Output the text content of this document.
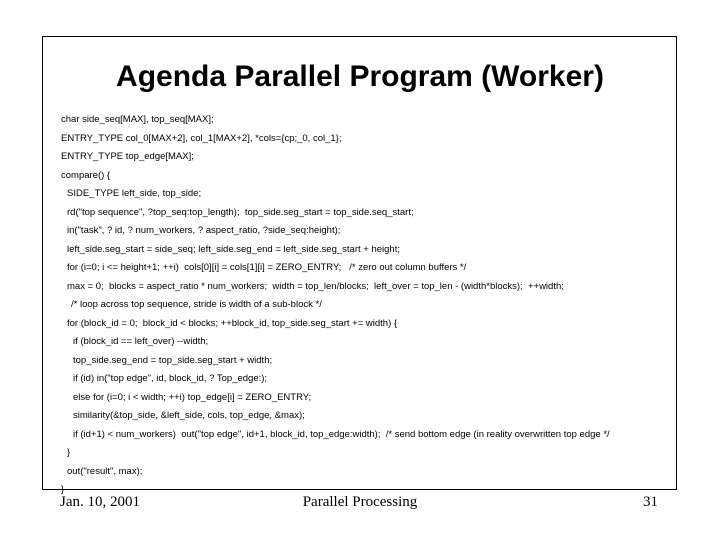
Agenda Parallel Program (Worker)
char side_seq[MAX], top_seq[MAX];
ENTRY_TYPE col_0[MAX+2], col_1[MAX+2], *cols={cp;_0, col_1};
ENTRY_TYPE top_edge[MAX];
compare() {
SIDE_TYPE left_side, top_side;
rd("top sequence", ?top_seq:top_length);  top_side.seg_start = top_side.seq_start;
in("task", ? id, ? num_workers, ? aspect_ratio, ?side_seq:height);
left_side.seg_start = side_seq; left_side.seg_end = left_side.seg_start + height;
for (i=0; i <= height+1; ++i)  cols[0][i] = cols[1][i] = ZERO_ENTRY;   /* zero out column buffers */
max = 0;  blocks = aspect_ratio * num_workers;  width = top_len/blocks;  left_over = top_len - (width*blocks);  ++width;
/* loop across top sequence, stride is width of a sub-block */
for (block_id = 0;  block_id < blocks; ++block_id, top_side.seg_start += width) {
if (block_id == left_over) --width;
top_side.seg_end = top_side.seg_start + width;
if (id) in("top edge", id, block_id, ? Top_edge:);
else for (i=0; i < width; ++i) top_edge[i] = ZERO_ENTRY;
similarity(&top_side, &left_side, cols, top_edge, &max);
if (id+1) < num_workers)  out("top edge", id+1, block_id, top_edge:width);  /* send bottom edge (in reality overwritten top edge */
}
out("result", max);
}
Jan. 10, 2001	Parallel Processing	31
